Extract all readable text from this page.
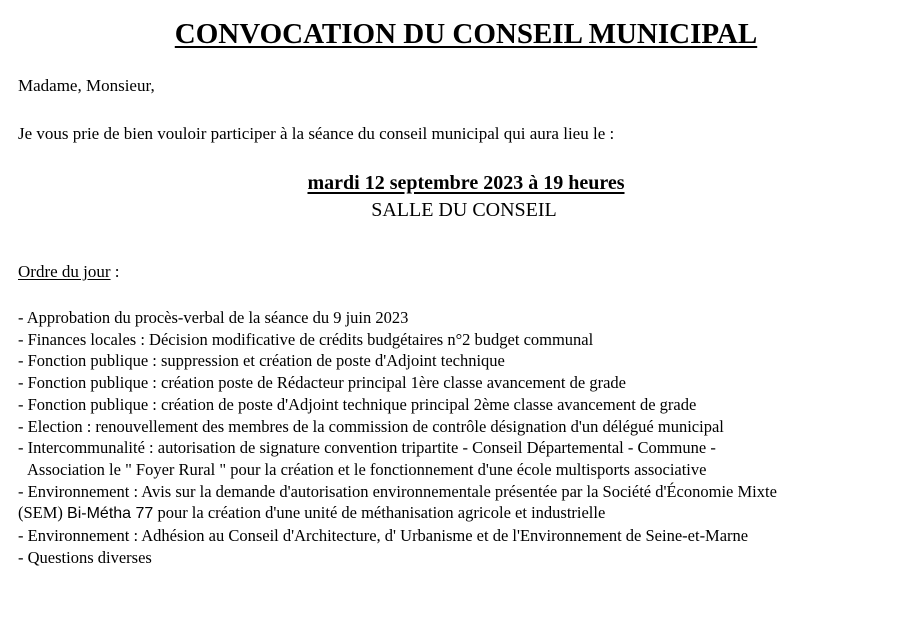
CONVOCATION DU CONSEIL MUNICIPAL
Madame, Monsieur,
Je vous prie de bien vouloir participer à la séance du conseil municipal qui aura lieu le :
mardi 12 septembre 2023 à 19 heures
SALLE DU CONSEIL
Ordre du jour :
- Approbation du procès-verbal de la séance du 9 juin 2023
- Finances locales : Décision modificative de crédits budgétaires n°2 budget communal
- Fonction publique : suppression et création de poste d'Adjoint technique
- Fonction publique : création poste de Rédacteur principal 1ère classe avancement de grade
- Fonction publique : création de poste d'Adjoint technique principal 2ème classe avancement de grade
- Election : renouvellement des membres de la commission de contrôle désignation d'un délégué municipal
- Intercommunalité : autorisation de signature convention tripartite - Conseil Départemental - Commune -
Association le " Foyer Rural " pour la création et le fonctionnement d'une école multisports associative
- Environnement : Avis sur la demande d'autorisation environnementale présentée par la Société d'Économie Mixte
(SEM) Bi-Métha 77 pour la création d'une unité de méthanisation agricole et industrielle
- Environnement : Adhésion au Conseil d'Architecture, d' Urbanisme et de l'Environnement de Seine-et-Marne
- Questions diverses
